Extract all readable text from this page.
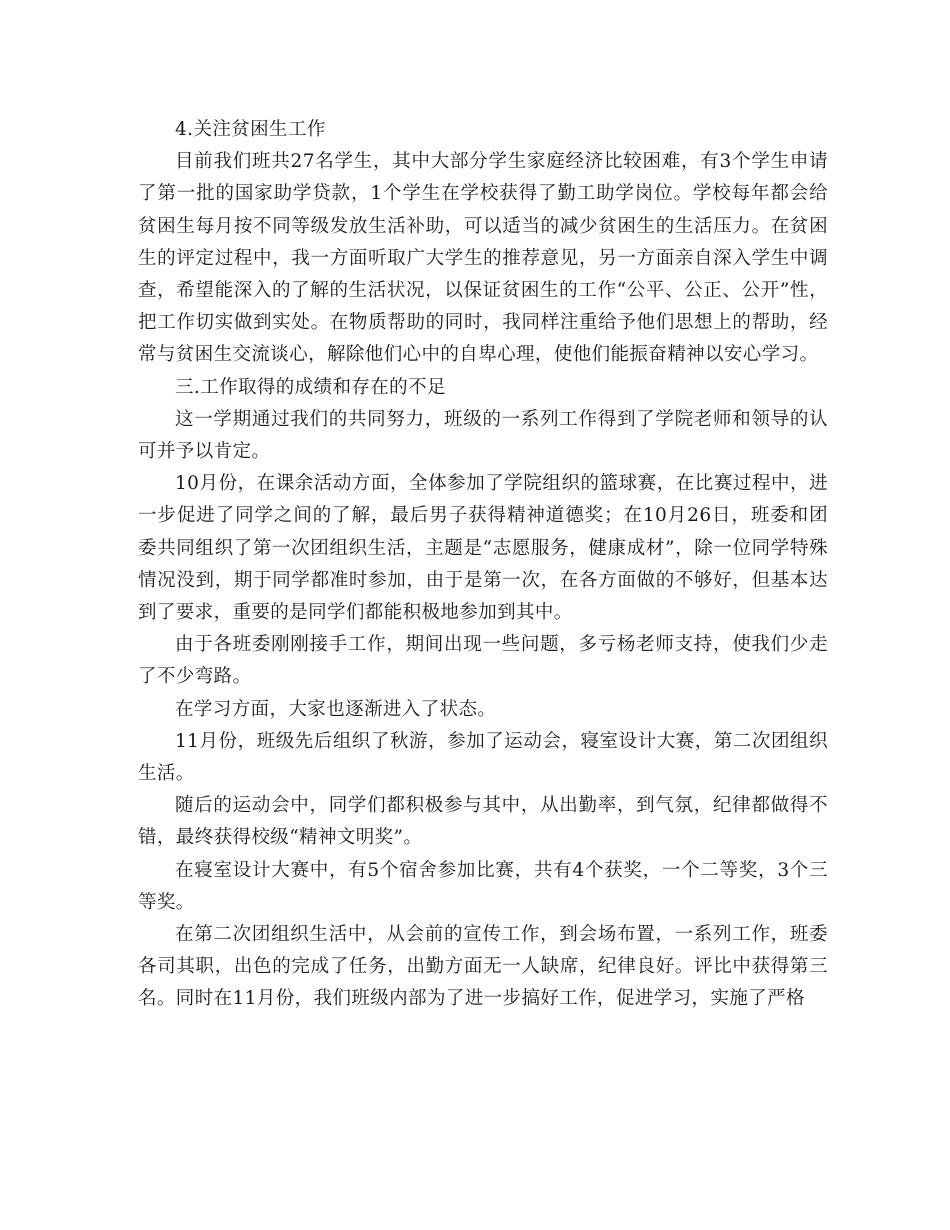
4.关注贫困生工作

目前我们班共27名学生，其中大部分学生家庭经济比较困难，有3个学生申请了第一批的国家助学贷款，1个学生在学校获得了勤工助学岗位。学校每年都会给贫困生每月按不同等级发放生活补助，可以适当的减少贫困生的生活压力。在贫困生的评定过程中，我一方面听取广大学生的推荐意见，另一方面亲自深入学生中调查，希望能深入的了解的生活状况，以保证贫困生的工作“公平、公正、公开”性，把工作切实做到实处。在物质帮助的同时，我同样注重给予他们思想上的帮助，经常与贫困生交流谈心，解除他们心中的自卑心理，使他们能振奋精神以安心学习。

三.工作取得的成绩和存在的不足

这一学期通过我们的共同努力，班级的一系列工作得到了学院老师和领导的认可并予以肯定。

10月份，在课余活动方面，全体参加了学院组织的篮球赛，在比赛过程中，进一步促进了同学之间的了解，最后男子获得精神道德奖；在10月26日，班委和团委共同组织了第一次团组织生活，主题是“志愿服务，健康成材”，除一位同学特殊情况没到，期于同学都准时参加，由于是第一次，在各方面做的不够好，但基本达到了要求，重要的是同学们都能积极地参加到其中。

由于各班委刚刚接手工作，期间出现一些问题，多亏杨老师支持，使我们少走了不少弯路。

在学习方面，大家也逐渐进入了状态。

11月份，班级先后组织了秋游，参加了运动会，寝室设计大赛，第二次团组织生活。

随后的运动会中，同学们都积极参与其中，从出勤率，到气氛，纪律都做得不错，最终获得校级“精神文明奖”。

在寝室设计大赛中，有5个宿舍参加比赛，共有4个获奖，一个二等奖，3个三等奖。

在第二次团组织生活中，从会前的宣传工作，到会场布置，一系列工作，班委各司其职，出色的完成了任务，出勤方面无一人缺席，纪律良好。评比中获得第三名。同时在11月份，我们班级内部为了进一步搞好工作，促进学习，实施了严格
